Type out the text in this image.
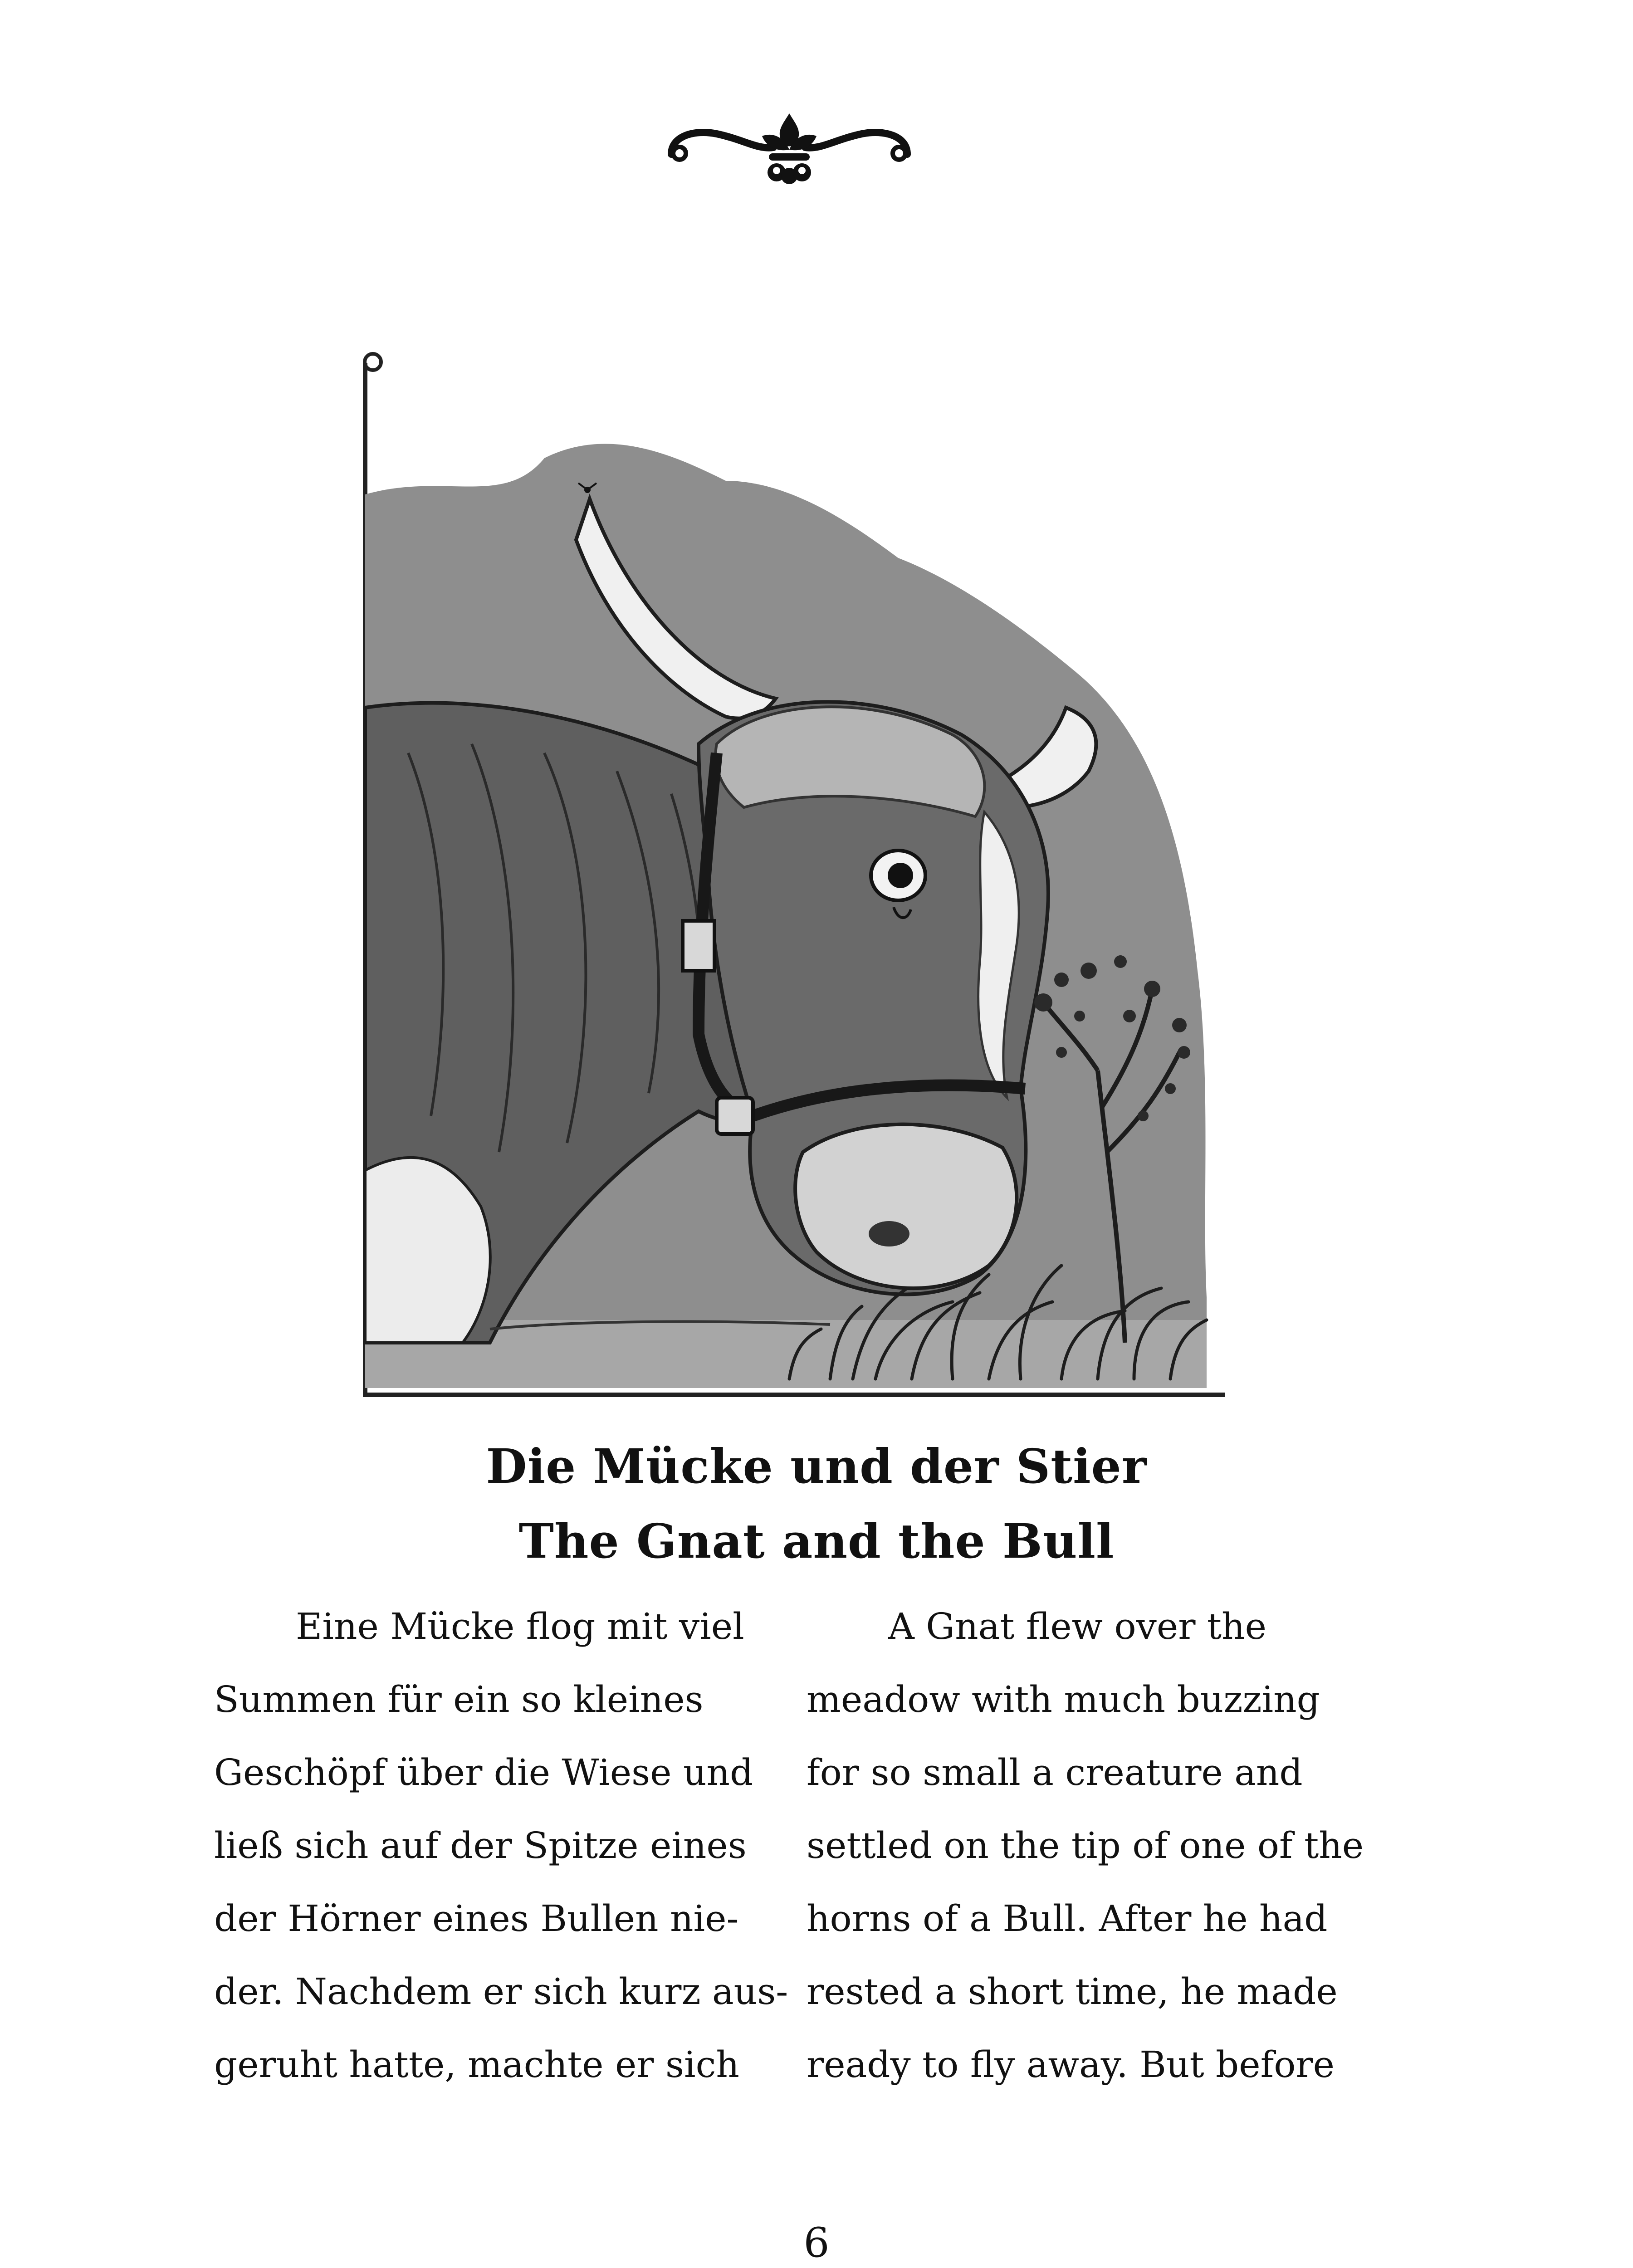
Die Mücke und der Stier
The Gnat and the Bull
Eine Mücke flog mit viel
Summen für ein so kleines
Geschöpf über die Wiese und
ließ sich auf der Spitze eines
der Hörner eines Bullen nie-
der. Nachdem er sich kurz aus-
geruht hatte, machte er sich
A Gnat flew over the
meadow with much buzzing
for so small a creature and
settled on the tip of one of the
horns of a Bull. After he had
rested a short time, he made
ready to fly away. But before
6
